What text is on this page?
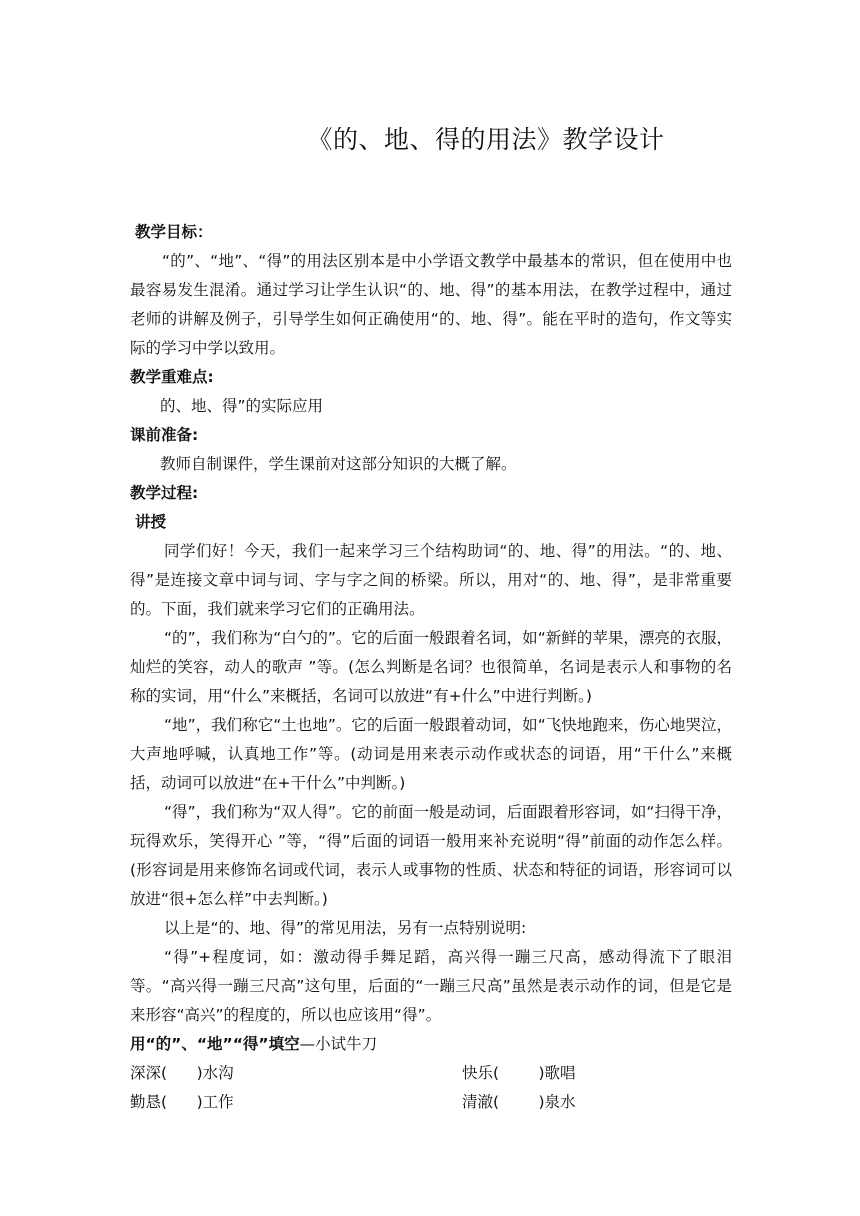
《的、地、得的用法》教学设计
教学目标：

“的”、“地”、“得”的用法区别本是中小学语文教学中最基本的常识，但在使用中也最容易发生混淆。通过学习让学生认识“的、地、得”的基本用法，在教学过程中，通过老师的讲解及例子，引导学生如何正确使用“的、地、得”。能在平时的造句，作文等实际的学习中学以致用。

教学重难点:
的、地、得”的实际应用
课前准备:
教师自制课件，学生课前对这部分知识的大概了解。
教学过程:
讲授

同学们好！今天，我们一起来学习三个结构助词“的、地、得”的用法。“的、地、得”是连接文章中词与词、字与字之间的桥梁。所以，用对“的、地、得”，是非常重要的。下面，我们就来学习它们的正确用法。

“的”，我们称为“白勺的”。它的后面一般跟着名词，如“新鲜的苹果，漂亮的衣服，灿烂的笑容，动人的歌声 ”等。(怎么判断是名词？也很简单，名词是表示人和事物的名称的实词，用“什么”来概括，名词可以放进“有+什么”中进行判断。)

“地”，我们称它“土也地”。它的后面一般跟着动词，如“飞快地跑来，伤心地哭泣，大声地呼喊，认真地工作”等。(动词是用来表示动作或状态的词语，用“干什么”来概括，动词可以放进“在+干什么”中判断。)

“得”，我们称为“双人得”。它的前面一般是动词，后面跟着形容词，如“扫得干净，玩得欢乐，笑得开心 ”等，“得”后面的词语一般用来补充说明“得”前面的动作怎么样。(形容词是用来修饰名词或代词，表示人或事物的性质、状态和特征的词语，形容词可以放进“很+怎么样”中去判断。)

以上是“的、地、得”的常见用法，另有一点特别说明:

“得”+程度词，如：激动得手舞足蹈，高兴得一蹦三尺高，感动得流下了眼泪 等。“高兴得一蹦三尺高”这句里，后面的“一蹦三尺高”虽然是表示动作的词，但是它是来形容“高兴”的程度的，所以也应该用“得”。

用“的”、“地”“得”填空—小试牛刀
深深(      )水沟	快乐(        )歌唱
勤恳(      )工作	清澈(        )泉水
